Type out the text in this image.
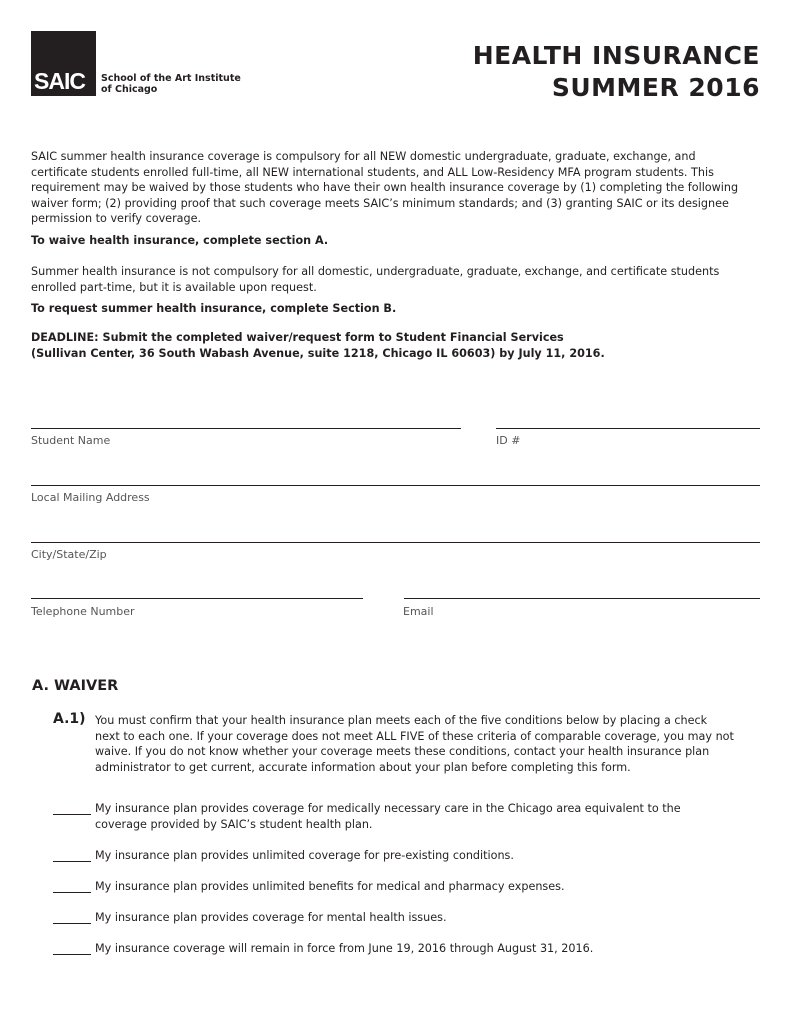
SAIC School of the Art Institute
of Chicago
HEALTH INSURANCE
SUMMER 2016
SAIC summer health insurance coverage is compulsory for all NEW domestic undergraduate, graduate, exchange, and certificate students enrolled full-time, all NEW international students, and ALL Low-Residency MFA program students. This requirement may be waived by those students who have their own health insurance coverage by (1) completing the following waiver form; (2) providing proof that such coverage meets SAIC’s minimum standards; and (3) granting SAIC or its designee permission to verify coverage.
To waive health insurance, complete section A.
Summer health insurance is not compulsory for all domestic, undergraduate, graduate, exchange, and certificate students enrolled part-time, but it is available upon request.
To request summer health insurance, complete Section B.
DEADLINE: Submit the completed waiver/request form to Student Financial Services
(Sullivan Center, 36 South Wabash Avenue, suite 1218, Chicago IL 60603) by July 11, 2016.
Student Name	ID #
Local Mailing Address
City/State/Zip
Telephone Number	Email
A. WAIVER
A.1) You must confirm that your health insurance plan meets each of the five conditions below by placing a check next to each one. If your coverage does not meet ALL FIVE of these criteria of comparable coverage, you may not waive. If you do not know whether your coverage meets these conditions, contact your health insurance plan administrator to get current, accurate information about your plan before completing this form.
My insurance plan provides coverage for medically necessary care in the Chicago area equivalent to the coverage provided by SAIC’s student health plan.
My insurance plan provides unlimited coverage for pre-existing conditions.
My insurance plan provides unlimited benefits for medical and pharmacy expenses.
My insurance plan provides coverage for mental health issues.
My insurance coverage will remain in force from June 19, 2016 through August 31, 2016.
